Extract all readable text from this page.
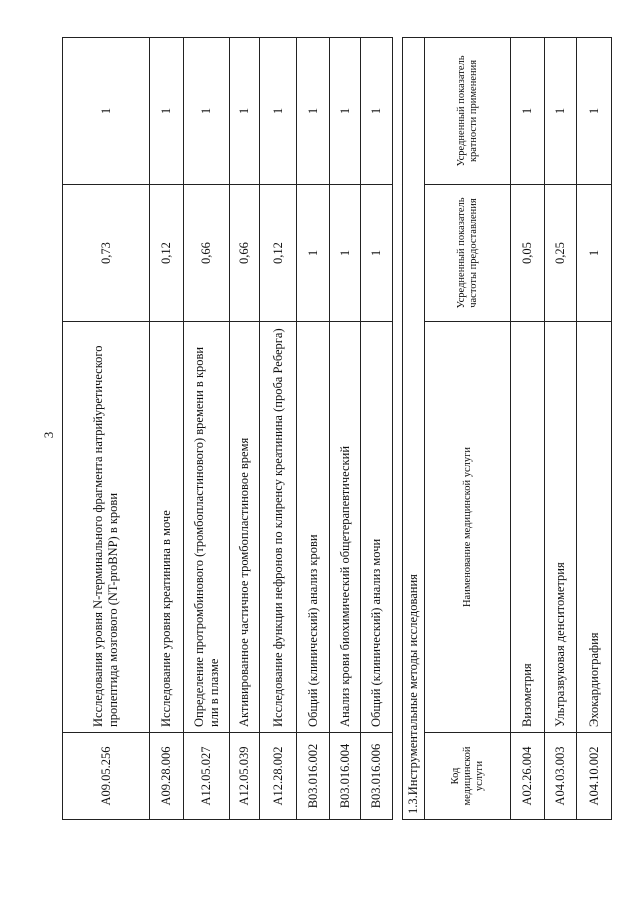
3
A09.05.256	Исследования уровня N-терминального фрагмента натрийуретического пропептида мозгового (NT-proBNP) в крови	0,73	1
A09.28.006	Исследование уровня креатинина в моче	0,12	1
A12.05.027	Определение протромбинового (тромбопластинового) времени в крови или в плазме	0,66	1
A12.05.039	Активированное частичное тромбопластиновое время	0,66	1
A12.28.002	Исследование функции нефронов по клиренсу креатинина (проба Реберга)	0,12	1
B03.016.002	Общий (клинический) анализ крови	1	1
B03.016.004	Анализ крови биохимический общетерапевтический	1	1
B03.016.006	Общий (клинический) анализ мочи	1	1
1.3.Инструментальные методы исследования			
Код медицинской услуги	Наименование медицинской услуги	Усредненный показатель частоты предоставления	Усредненный показатель кратности применения
A02.26.004	Визометрия	0,05	1
A04.03.003	Ультразвуковая денситометрия	0,25	1
A04.10.002	Эхокардиография	1	1
